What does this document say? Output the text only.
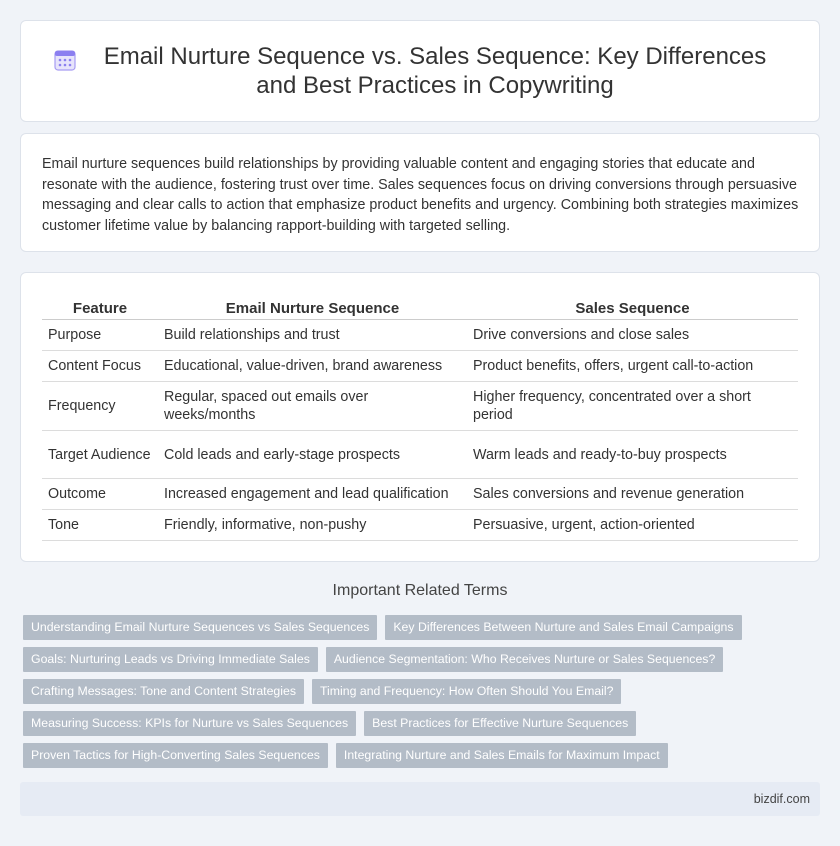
Email Nurture Sequence vs. Sales Sequence: Key Differences and Best Practices in Copywriting

Email nurture sequences build relationships by providing valuable content and engaging stories that educate and resonate with the audience, fostering trust over time. Sales sequences focus on driving conversions through persuasive messaging and clear calls to action that emphasize product benefits and urgency. Combining both strategies maximizes customer lifetime value by balancing rapport-building with targeted selling.

Feature	Email Nurture Sequence	Sales Sequence
Purpose	Build relationships and trust	Drive conversions and close sales
Content Focus	Educational, value-driven, brand awareness	Product benefits, offers, urgent call-to-action
Frequency	Regular, spaced out emails over weeks/months	Higher frequency, concentrated over a short period
Target Audience	Cold leads and early-stage prospects	Warm leads and ready-to-buy prospects
Outcome	Increased engagement and lead qualification	Sales conversions and revenue generation
Tone	Friendly, informative, non-pushy	Persuasive, urgent, action-oriented
Important Related Terms
Understanding Email Nurture Sequences vs Sales Sequences	Key Differences Between Nurture and Sales Email Campaigns
Goals: Nurturing Leads vs Driving Immediate Sales	Audience Segmentation: Who Receives Nurture or Sales Sequences?
Crafting Messages: Tone and Content Strategies	Timing and Frequency: How Often Should You Email?
Measuring Success: KPIs for Nurture vs Sales Sequences	Best Practices for Effective Nurture Sequences
Proven Tactics for High-Converting Sales Sequences	Integrating Nurture and Sales Emails for Maximum Impact
bizdif.com
